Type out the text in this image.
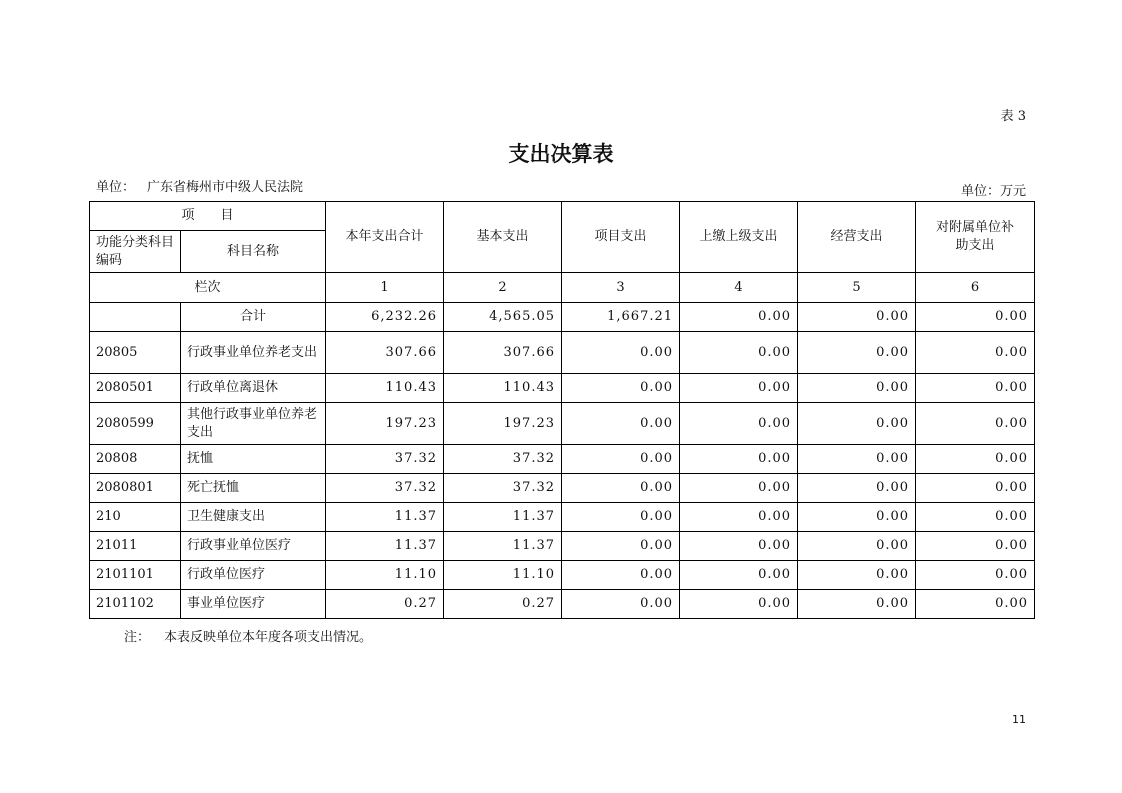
表 3
支出决算表
单位： 广东省梅州市中级人民法院	单位：万元
项　　目		本年支出合计	基本支出	项目支出	上缴上级支出	经营支出	对附属单位补助支出
功能分类科目编码	科目名称						
栏次		1	2	3	4	5	6
	合计	6,232.26	4,565.05	1,667.21	0.00	0.00	0.00
20805	行政事业单位养老支出	307.66	307.66	0.00	0.00	0.00	0.00
2080501	行政单位离退休	110.43	110.43	0.00	0.00	0.00	0.00
2080599	其他行政事业单位养老支出	197.23	197.23	0.00	0.00	0.00	0.00
20808	抚恤	37.32	37.32	0.00	0.00	0.00	0.00
2080801	死亡抚恤	37.32	37.32	0.00	0.00	0.00	0.00
210	卫生健康支出	11.37	11.37	0.00	0.00	0.00	0.00
21011	行政事业单位医疗	11.37	11.37	0.00	0.00	0.00	0.00
2101101	行政单位医疗	11.10	11.10	0.00	0.00	0.00	0.00
2101102	事业单位医疗	0.27	0.27	0.00	0.00	0.00	0.00
注： 本表反映单位本年度各项支出情况。
11
